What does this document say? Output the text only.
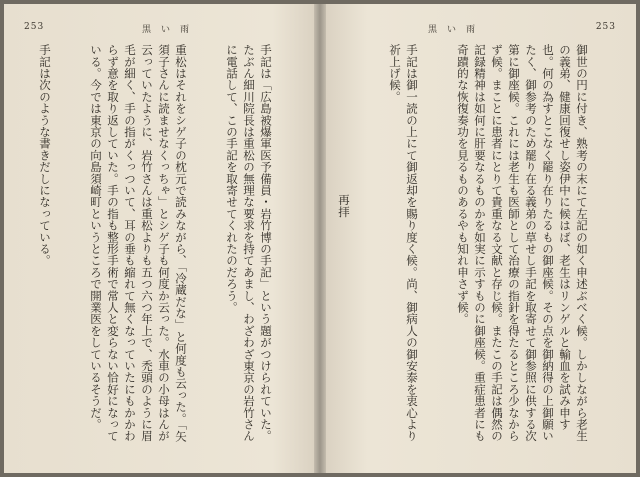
253	黒い雨

手記は「広島被爆軍医予備員・岩竹博の手記」という題がつけられていた。たぶん細川院長は重松の無理な要求を持てあまし、わざわざ東京の岩竹さんに電話して、この手記を取寄せてくれたのだろう。

重松はそれをシゲ子の枕元で読みながら、「冷蔵だな」と何度も云った。「矢須子さんに読ませなくっちゃ」とシゲ子も何度か云った。水車の小母はんが云っていたように、岩竹さんは重松よりも五つ六つ年上で、禿頭のように眉毛が細く、手の指がくっついて、耳の垂も縮れて無くなっていたにもかかわらず意を取り返していた。手の指も整形手術で常人と変らない恰好になっている。今では東京の向島須崎町というところで開業医をしているそうだ。

手記は次のような書きだしになっている。

253
黒い雨

御世の円に付き、熟考の末にて左記の如く申述ぶべく候。しかしながら老生の義弟、健康回復せし姿伊中に候はば、老生はリンゲルと輸血を試み申す也。何の為すとこなく罷り在りたるもの御座候。その点を御納得の上御願いたく、御参考のため罷り在る義弟の草せし手記を取寄せて御参照に供する次第に御座候。これには老生も医師として治療の指針を得たるところ少なからず候。まことに患者にとりて貴重なる文献と存じ候。またこの手記は偶然の記録精神は如何に肝要なるものかを如実に示すものに御座候。重症患者にも奇蹟的な恢復奏功を見るものあるやも知れ申さず候。

手記は御一読の上にて御返却を賜り度く候。尚、御病人の御安泰を衷心より祈上げ候。

再拝
